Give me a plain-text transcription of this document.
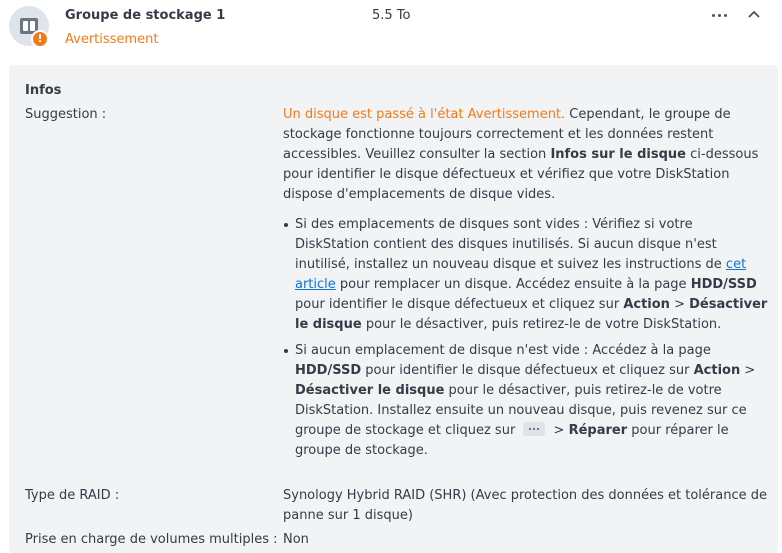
!
Groupe de stockage 1
Avertissement
5.5 To
Infos
Suggestion :	Un disque est passé à l'état Avertissement. Cependant, le groupe de stockage fonctionne toujours correctement et les données restent accessibles. Veuillez consulter la section Infos sur le disque ci-dessous pour identifier le disque défectueux et vérifiez que votre DiskStation dispose d'emplacements de disque vides.
Si des emplacements de disques sont vides : Vérifiez si votre DiskStation contient des disques inutilisés. Si aucun disque n'est inutilisé, installez un nouveau disque et suivez les instructions de cet article pour remplacer un disque. Accédez ensuite à la page HDD/SSD pour identifier le disque défectueux et cliquez sur Action > Désactiver le disque pour le désactiver, puis retirez-le de votre DiskStation.
Si aucun emplacement de disque n'est vide : Accédez à la page HDD/SSD pour identifier le disque défectueux et cliquez sur Action > Désactiver le disque pour le désactiver, puis retirez-le de votre DiskStation. Installez ensuite un nouveau disque, puis revenez sur ce groupe de stockage et cliquez sur
> Réparer pour réparer le groupe de stockage.
Type de RAID :	Synology Hybrid RAID (SHR) (Avec protection des données et tolérance de panne sur 1 disque)
Prise en charge de volumes multiples : Non
